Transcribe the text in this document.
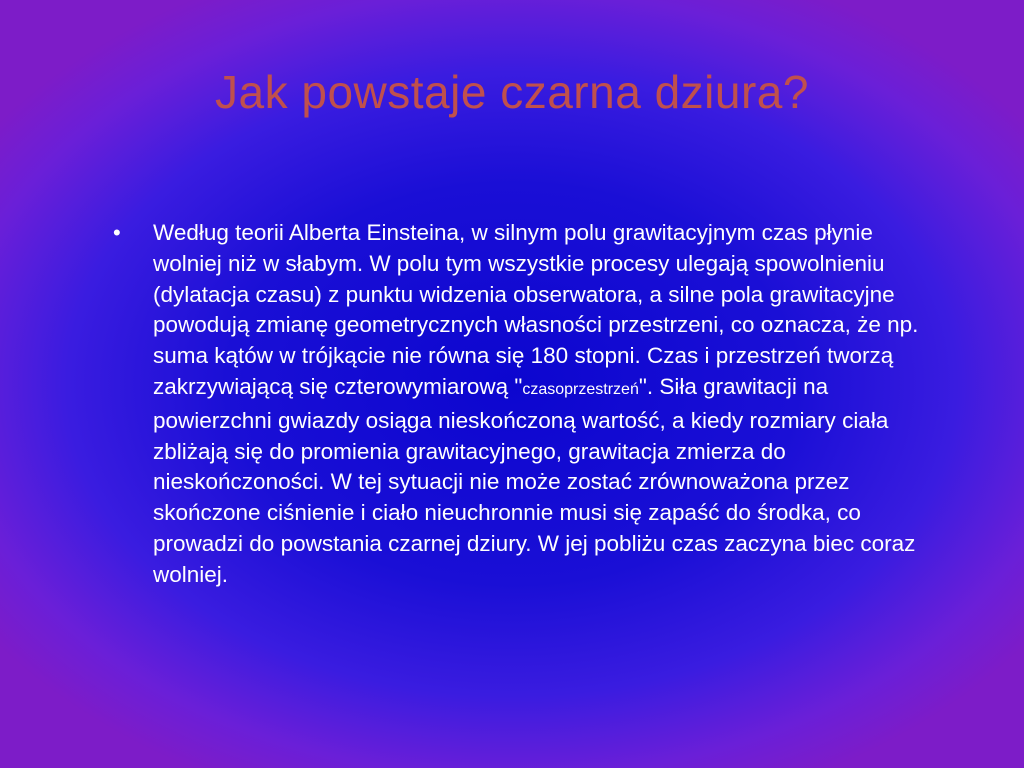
Jak powstaje czarna dziura?
• Według teorii Alberta Einsteina, w silnym polu grawitacyjnym czas płynie wolniej niż w słabym. W polu tym wszystkie procesy ulegają spowolnieniu (dylatacja czasu) z punktu widzenia obserwatora, a silne pola grawitacyjne powodują zmianę geometrycznych własności przestrzeni, co oznacza, że np. suma kątów w trójkącie nie równa się 180 stopni. Czas i przestrzeń tworzą zakrzywiającą się czterowymiarową "czasoprzestrzeń". Siła grawitacji na powierzchni gwiazdy osiąga nieskończoną wartość, a kiedy rozmiary ciała zbliżają się do promienia grawitacyjnego, grawitacja zmierza do nieskończoności. W tej sytuacji nie może zostać zrównoważona przez skończone ciśnienie i ciało nieuchronnie musi się zapaść do środka, co prowadzi do powstania czarnej dziury. W jej pobliżu czas zaczyna biec coraz wolniej.
